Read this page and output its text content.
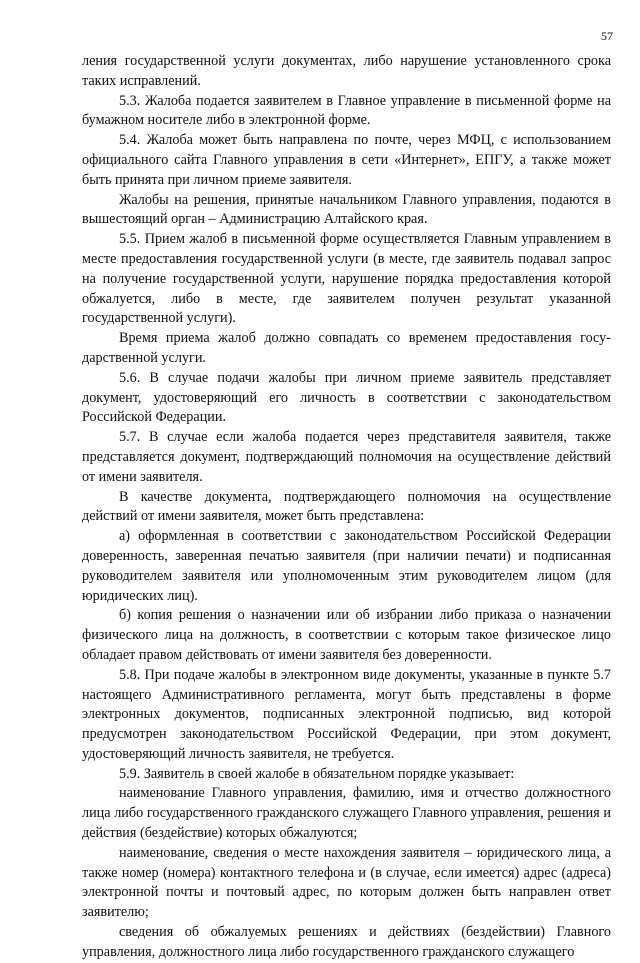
57

ления государственной услуги документах, либо нарушение установленного срока таких исправлений.

5.3. Жалоба подается заявителем в Главное управление в письменной форме на бумажном носителе либо в электронной форме.

5.4. Жалоба может быть направлена по почте, через МФЦ, с использованием официального сайта Главного управления в сети «Интернет», ЕПГУ, а также может быть принята при личном приеме заявителя.

Жалобы на решения, принятые начальником Главного управления, подаются в вышестоящий орган – Администрацию Алтайского края.

5.5. Прием жалоб в письменной форме осуществляется Главным управлением в месте предоставления государственной услуги (в месте, где заявитель подавал запрос на получение государственной услуги, нарушение порядка предоставления которой обжалуется, либо в месте, где заявителем получен результат указанной государственной услуги).

Время приема жалоб должно совпадать со временем предоставления государственной услуги.

5.6. В случае подачи жалобы при личном приеме заявитель представляет документ, удостоверяющий его личность в соответствии с законодательством Российской Федерации.

5.7. В случае если жалоба подается через представителя заявителя, также представляется документ, подтверждающий полномочия на осуществление действий от имени заявителя.

В качестве документа, подтверждающего полномочия на осуществление действий от имени заявителя, может быть представлена:

а) оформленная в соответствии с законодательством Российской Федерации доверенность, заверенная печатью заявителя (при наличии печати) и подписанная руководителем заявителя или уполномоченным этим руководителем лицом (для юридических лиц).

б) копия решения о назначении или об избрании либо приказа о назначении физического лица на должность, в соответствии с которым такое физическое лицо обладает правом действовать от имени заявителя без доверенности.

5.8. При подаче жалобы в электронном виде документы, указанные в пункте 5.7 настоящего Административного регламента, могут быть представлены в форме электронных документов, подписанных электронной подписью, вид которой предусмотрен законодательством Российской Федерации, при этом документ, удостоверяющий личность заявителя, не требуется.

5.9. Заявитель в своей жалобе в обязательном порядке указывает:

наименование Главного управления, фамилию, имя и отчество должностного лица либо государственного гражданского служащего Главного управления, решения и действия (бездействие) которых обжалуются;

наименование, сведения о месте нахождения заявителя – юридического лица, а также номер (номера) контактного телефона и (в случае, если имеется) адрес (адреса) электронной почты и почтовый адрес, по которым должен быть направлен ответ заявителю;

сведения об обжалуемых решениях и действиях (бездействии) Главного управления, должностного лица либо государственного гражданского служащего
